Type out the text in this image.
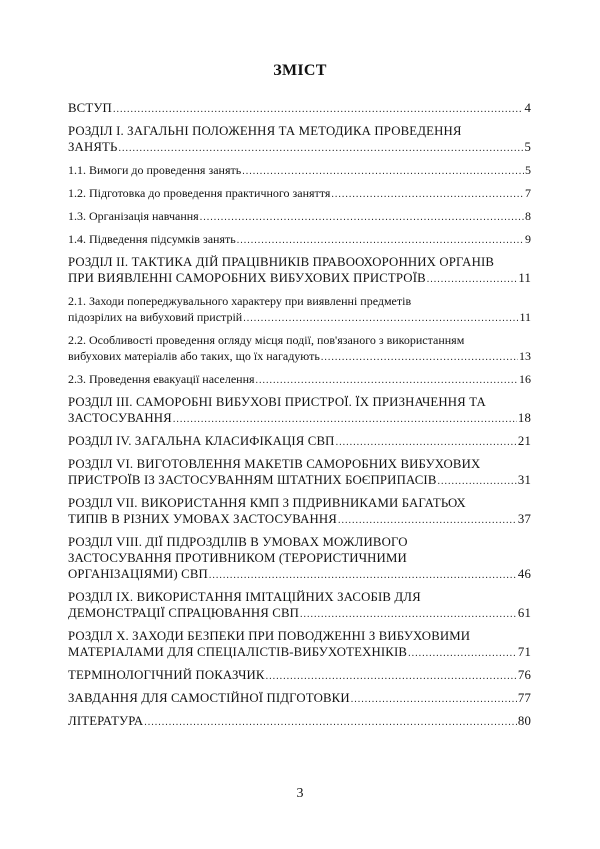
ЗМІСТ
ВСТУП .....	4
РОЗДІЛ І. ЗАГАЛЬНІ ПОЛОЖЕННЯ ТА МЕТОДИКА ПРОВЕДЕННЯ
ЗАНЯТЬ .....	5
1.1. Вимоги до проведення занять .....	5
1.2. Підготовка до проведення практичного заняття .....	7
1.3. Організація навчання .....	8
1.4. Підведення підсумків занять .....	9
РОЗДІЛ ІІ. ТАКТИКА ДІЙ ПРАЦІВНИКІВ ПРАВООХОРОННИХ ОРГАНІВ
ПРИ ВИЯВЛЕННІ САМОРОБНИХ ВИБУХОВИХ ПРИСТРОЇВ .....	11
2.1. Заходи попереджувального характеру при виявленні предметів
підозрілих на вибуховий пристрій .....	11
2.2. Особливості проведення огляду місця події, пов'язаного з використанням
вибухових матеріалів або таких, що їх нагадують .....	13
2.3. Проведення евакуації населення .....	16
РОЗДІЛ ІІІ. САМОРОБНІ ВИБУХОВІ ПРИСТРОЇ. ЇХ ПРИЗНАЧЕННЯ ТА
ЗАСТОСУВАННЯ .....	18
РОЗДІЛ IV. ЗАГАЛЬНА КЛАСИФІКАЦІЯ СВП .....	21
РОЗДІЛ VI. ВИГОТОВЛЕННЯ МАКЕТІВ САМОРОБНИХ ВИБУХОВИХ
ПРИСТРОЇВ ІЗ ЗАСТОСУВАННЯМ ШТАТНИХ БОЄПРИПАСІВ .....	31
РОЗДІЛ VII. ВИКОРИСТАННЯ КМП З ПІДРИВНИКАМИ БАГАТЬОХ
ТИПІВ В РІЗНИХ УМОВАХ ЗАСТОСУВАННЯ .....	37
РОЗДІЛ VIII. ДІЇ ПІДРОЗДІЛІВ В УМОВАХ МОЖЛИВОГО
ЗАСТОСУВАННЯ ПРОТИВНИКОМ (ТЕРОРИСТИЧНИМИ
ОРГАНІЗАЦІЯМИ) СВП .....	46
РОЗДІЛ ІХ. ВИКОРИСТАННЯ ІМІТАЦІЙНИХ ЗАСОБІВ ДЛЯ
ДЕМОНСТРАЦІЇ СПРАЦЮВАННЯ СВП .....	61
РОЗДІЛ Х. ЗАХОДИ БЕЗПЕКИ ПРИ ПОВОДЖЕННІ З ВИБУХОВИМИ
МАТЕРІАЛАМИ ДЛЯ СПЕЦІАЛІСТІВ-ВИБУХОТЕХНІКІВ .....	71
ТЕРМІНОЛОГІЧНИЙ ПОКАЗЧИК .....	76
ЗАВДАННЯ ДЛЯ САМОСТІЙНОЇ ПІДГОТОВКИ .....	77
ЛІТЕРАТУРА .....	80
3
